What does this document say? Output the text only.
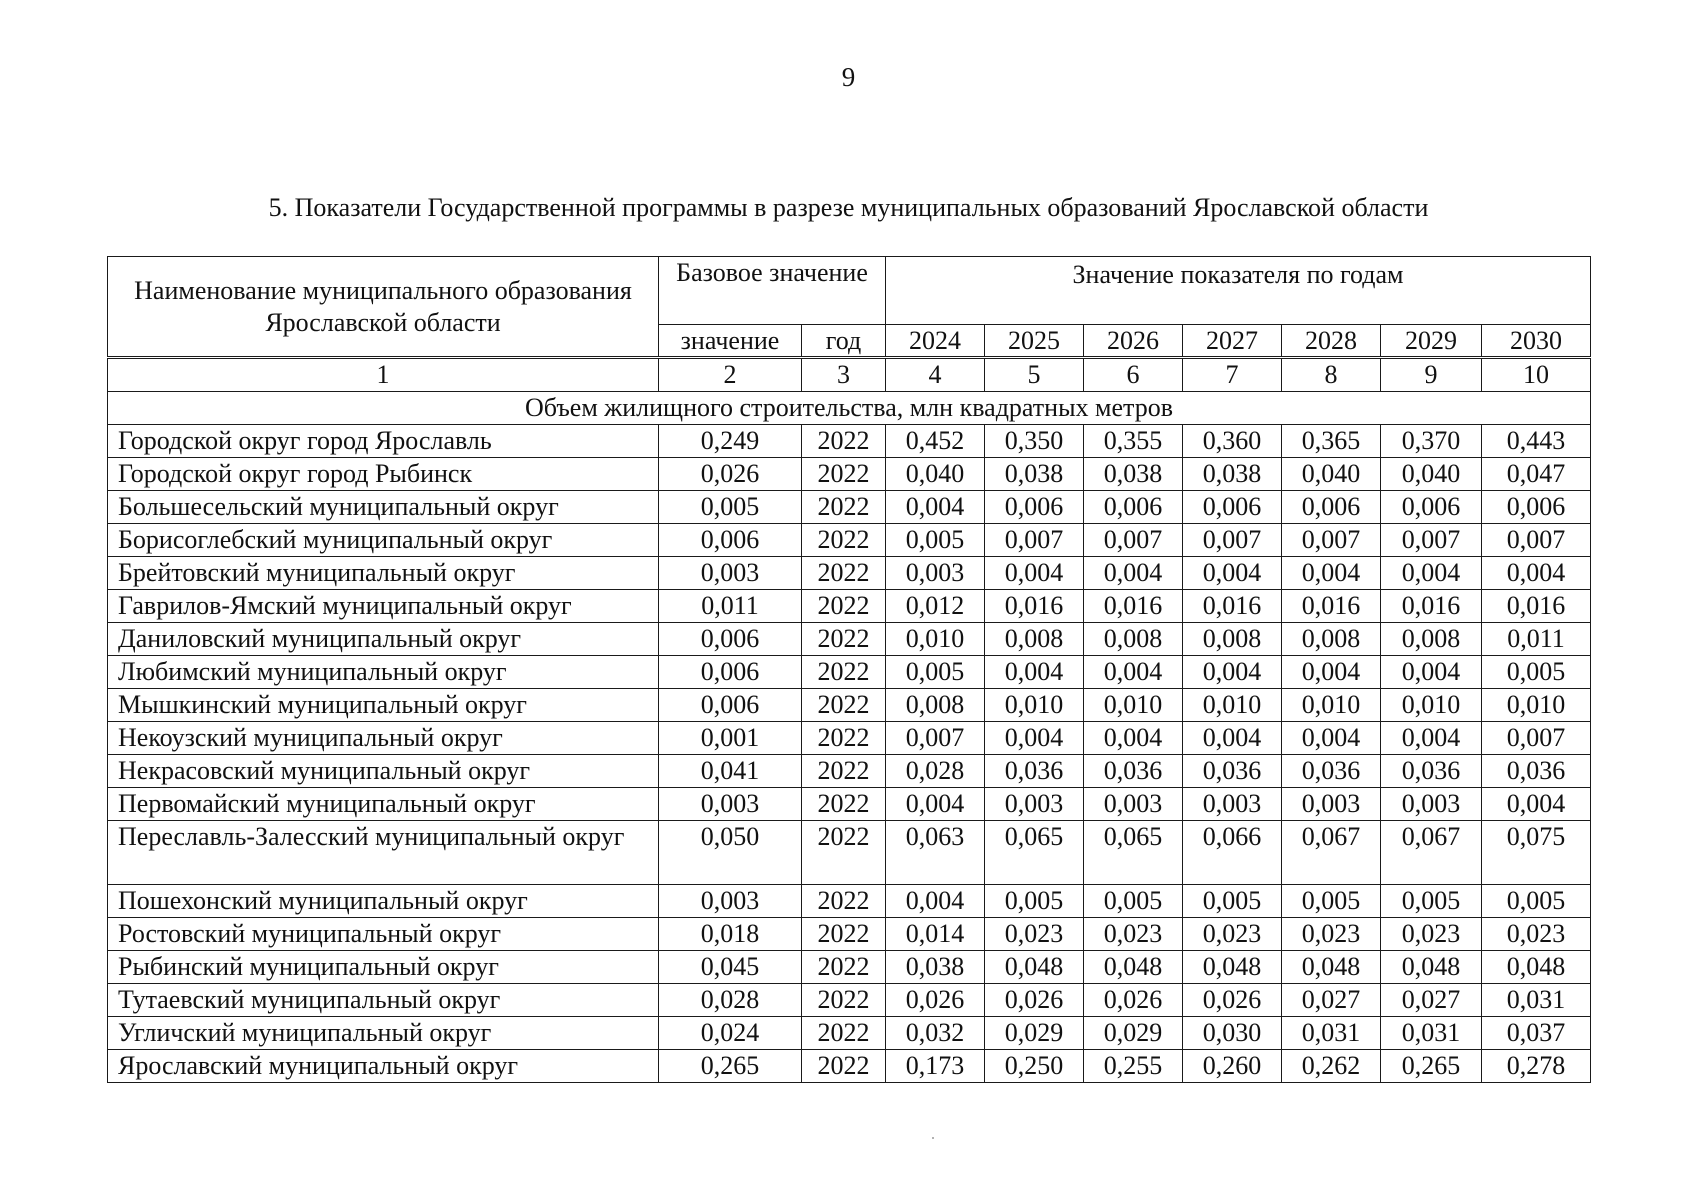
9
5. Показатели Государственной программы в разрезе муниципальных образований Ярославской области
Наименование муниципального образования Ярославской области	Базовое значение		Значение показателя по годам						
	значение	год	2024	2025	2026	2027	2028	2029	2030
1	2	3	4	5	6	7	8	9	10
Объем жилищного строительства, млн квадратных метров									
Городской округ город Ярославль	0,249	2022	0,452	0,350	0,355	0,360	0,365	0,370	0,443
Городской округ город Рыбинск	0,026	2022	0,040	0,038	0,038	0,038	0,040	0,040	0,047
Большесельский муниципальный округ	0,005	2022	0,004	0,006	0,006	0,006	0,006	0,006	0,006
Борисоглебский муниципальный округ	0,006	2022	0,005	0,007	0,007	0,007	0,007	0,007	0,007
Брейтовский муниципальный округ	0,003	2022	0,003	0,004	0,004	0,004	0,004	0,004	0,004
Гаврилов-Ямский муниципальный округ	0,011	2022	0,012	0,016	0,016	0,016	0,016	0,016	0,016
Даниловский муниципальный округ	0,006	2022	0,010	0,008	0,008	0,008	0,008	0,008	0,011
Любимский муниципальный округ	0,006	2022	0,005	0,004	0,004	0,004	0,004	0,004	0,005
Мышкинский муниципальный округ	0,006	2022	0,008	0,010	0,010	0,010	0,010	0,010	0,010
Некоузский муниципальный округ	0,001	2022	0,007	0,004	0,004	0,004	0,004	0,004	0,007
Некрасовский муниципальный округ	0,041	2022	0,028	0,036	0,036	0,036	0,036	0,036	0,036
Первомайский муниципальный округ	0,003	2022	0,004	0,003	0,003	0,003	0,003	0,003	0,004
Переславль-Залесский муниципальный округ	0,050	2022	0,063	0,065	0,065	0,066	0,067	0,067	0,075
Пошехонский муниципальный округ	0,003	2022	0,004	0,005	0,005	0,005	0,005	0,005	0,005
Ростовский муниципальный округ	0,018	2022	0,014	0,023	0,023	0,023	0,023	0,023	0,023
Рыбинский муниципальный округ	0,045	2022	0,038	0,048	0,048	0,048	0,048	0,048	0,048
Тутаевский муниципальный округ	0,028	2022	0,026	0,026	0,026	0,026	0,027	0,027	0,031
Угличский муниципальный округ	0,024	2022	0,032	0,029	0,029	0,030	0,031	0,031	0,037
Ярославский муниципальный округ	0,265	2022	0,173	0,250	0,255	0,260	0,262	0,265	0,278
